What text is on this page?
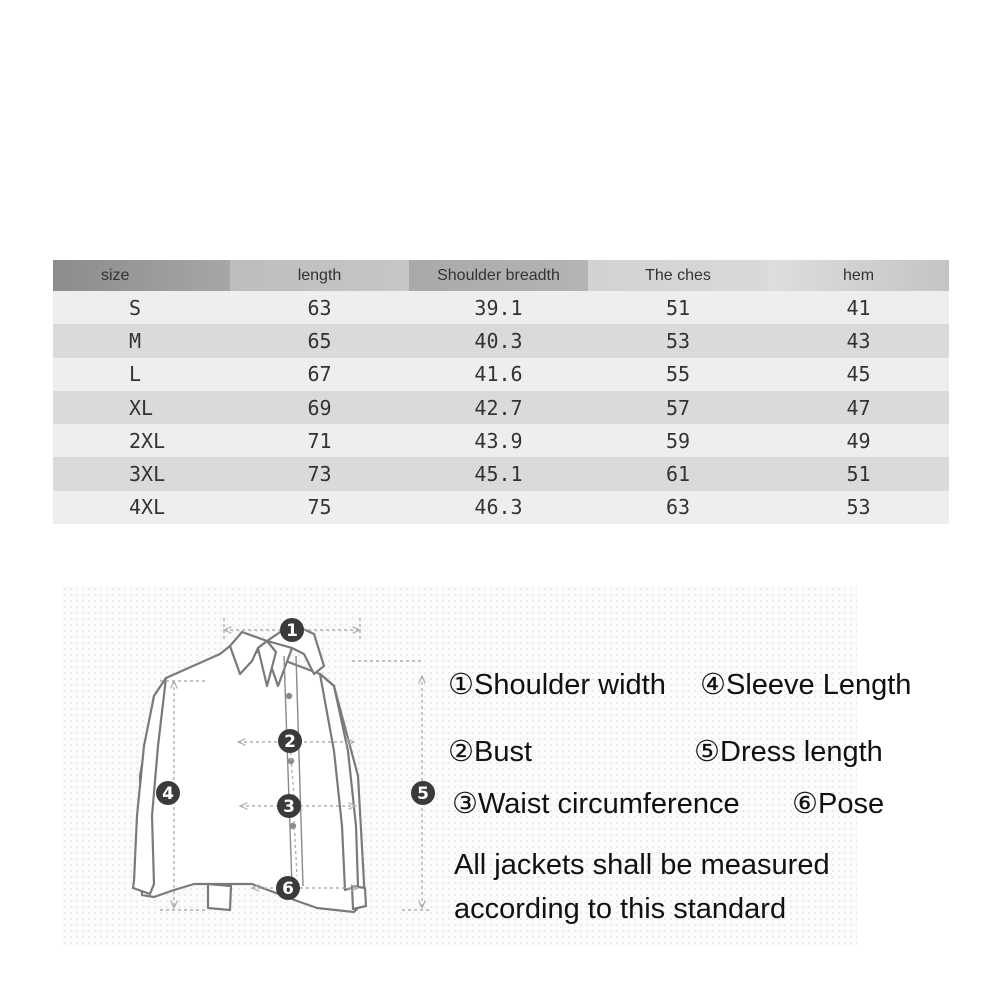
size	length	Shoulder breadth	The ches	hem
S	63	39.1	51	41
M	65	40.3	53	43
L	67	41.6	55	45
XL	69	42.7	57	47
2XL	71	43.9	59	49
3XL	73	45.1	61	51
4XL	75	46.3	63	53
1
2
3
4	5
6
①Shoulder width ④Sleeve Length
②Bust	⑤Dress length
③Waist circumference ⑥Pose
All jackets shall be measured
according to this standard
